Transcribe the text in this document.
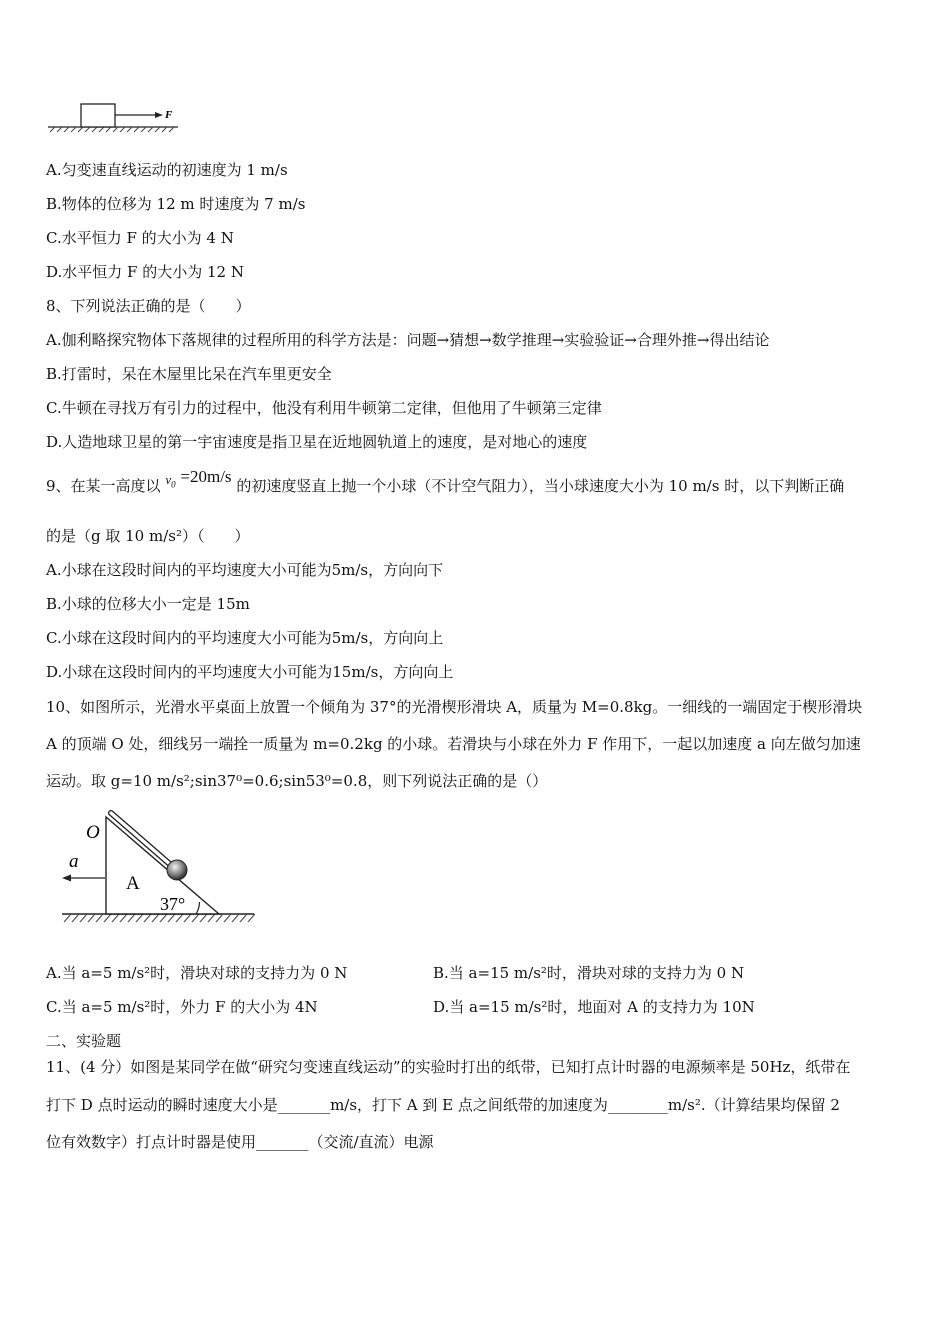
F
A.匀变速直线运动的初速度为 1 m/s
B.物体的位移为 12 m 时速度为 7 m/s
C.水平恒力 F 的大小为 4 N
D.水平恒力 F 的大小为 12 N
8、下列说法正确的是（　　）
A.伽利略探究物体下落规律的过程所用的科学方法是：问题→猜想→数学推理→实验验证→合理外推→得出结论
B.打雷时，呆在木屋里比呆在汽车里更安全
C.牛顿在寻找万有引力的过程中，他没有利用牛顿第二定律，但他用了牛顿第三定律
D.人造地球卫星的第一宇宙速度是指卫星在近地圆轨道上的速度，是对地心的速度
9、在某一高度以 $v_0 =20m/s$ 的初速度竖直上抛一个小球（不计空气阻力），当小球速度大小为 10 m/s 时，以下判断正确
的是（g 取 10 m/s²）（　　）
A.小球在这段时间内的平均速度大小可能为5m/s，方向向下
B.小球的位移大小一定是 15m
C.小球在这段时间内的平均速度大小可能为5m/s，方向向上
D.小球在这段时间内的平均速度大小可能为15m/s，方向向上
10、如图所示，光滑水平桌面上放置一个倾角为 37°的光滑楔形滑块 A，质量为 M=0.8kg。一细线的一端固定于楔形滑块
A 的顶端 O 处，细线另一端拴一质量为 m=0.2kg 的小球。若滑块与小球在外力 F 作用下，一起以加速度 a 向左做匀加速
运动。取 g=10 m/s²;sin37⁰=0.6;sin53⁰=0.8，则下列说法正确的是（）
O
a
A
37°
A.当 a=5 m/s²时，滑块对球的支持力为 0 N	B.当 a=15 m/s²时，滑块对球的支持力为 0 N
C.当 a=5 m/s²时，外力 F 的大小为 4N	D.当 a=15 m/s²时，地面对 A 的支持力为 10N
二、实验题
11、(4 分）如图是某同学在做“研究匀变速直线运动”的实验时打出的纸带，已知打点计时器的电源频率是 50Hz，纸带在
打下 D 点时运动的瞬时速度大小是_______m/s，打下 A 到 E 点之间纸带的加速度为________m/s².（计算结果均保留 2
位有效数字）打点计时器是使用_______（交流/直流）电源
